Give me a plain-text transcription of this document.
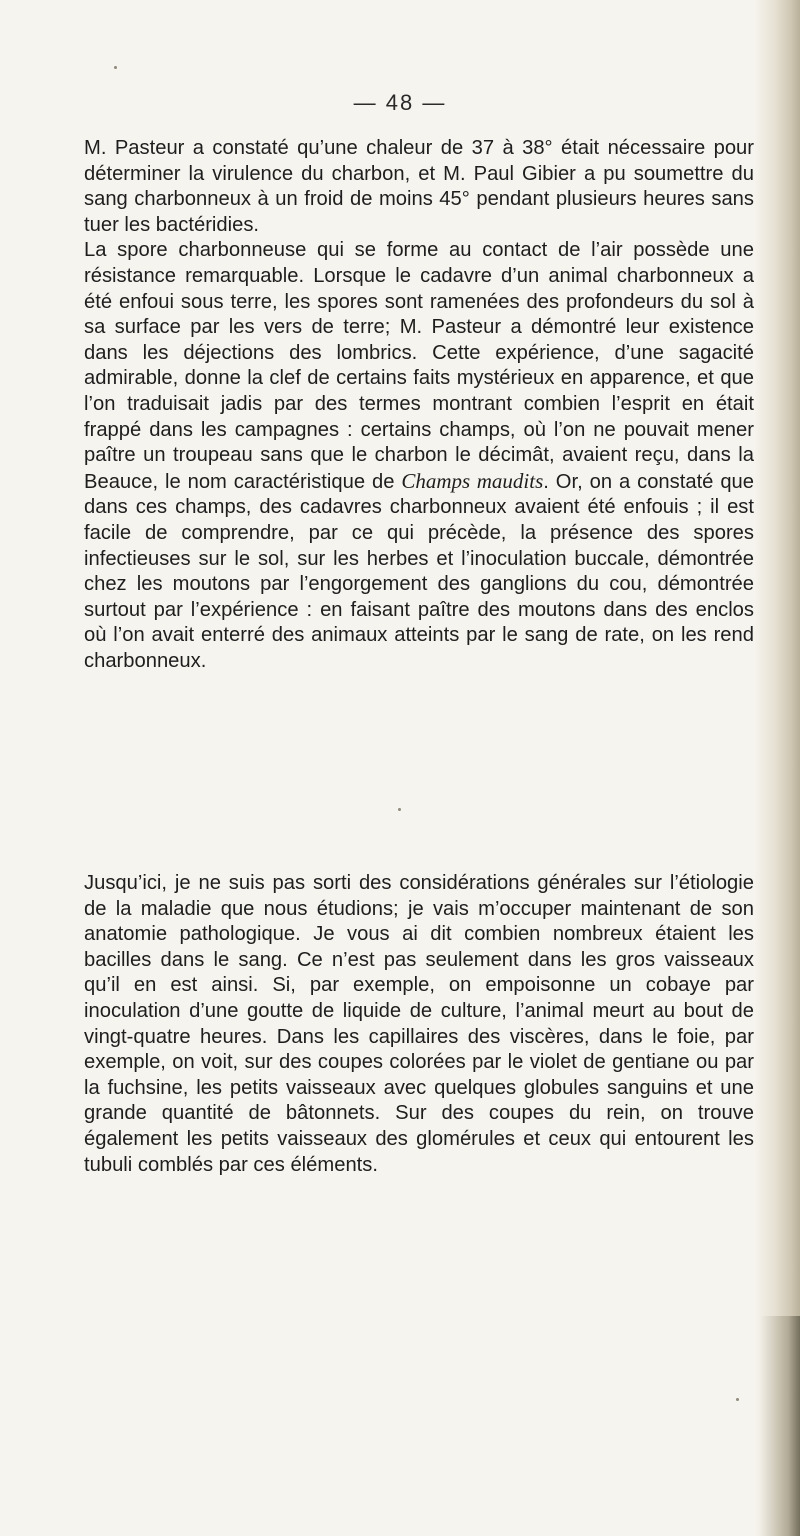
— 48 —

M. Pasteur a constaté qu’une chaleur de 37 à 38° était nécessaire pour déterminer la virulence du charbon, et M. Paul Gibier a pu soumettre du sang charbonneux à un froid de moins 45° pendant plusieurs heures sans tuer les bactéridies.

La spore charbonneuse qui se forme au contact de l’air possède une résistance remarquable. Lorsque le cadavre d’un animal charbonneux a été enfoui sous terre, les spores sont ramenées des profondeurs du sol à sa surface par les vers de terre; M. Pasteur a démontré leur existence dans les déjections des lombrics. Cette expérience, d’une sagacité admirable, donne la clef de certains faits mystérieux en apparence, et que l’on traduisait jadis par des termes montrant combien l’esprit en était frappé dans les campagnes : certains champs, où l’on ne pouvait mener paître un troupeau sans que le charbon le décimât, avaient reçu, dans la Beauce, le nom caractéristique de Champs maudits. Or, on a constaté que dans ces champs, des cadavres charbonneux avaient été enfouis ; il est facile de comprendre, par ce qui précède, la présence des spores infectieuses sur le sol, sur les herbes et l’inoculation buccale, démontrée chez les moutons par l’engorgement des ganglions du cou, démontrée surtout par l’expérience : en faisant paître des moutons dans des enclos où l’on avait enterré des animaux atteints par le sang de rate, on les rend charbonneux.

Jusqu’ici, je ne suis pas sorti des considérations générales sur l’étiologie de la maladie que nous étudions; je vais m’occuper maintenant de son anatomie pathologique. Je vous ai dit combien nombreux étaient les bacilles dans le sang. Ce n’est pas seulement dans les gros vaisseaux qu’il en est ainsi. Si, par exemple, on empoisonne un cobaye par inoculation d’une goutte de liquide de culture, l’animal meurt au bout de vingt-quatre heures. Dans les capillaires des viscères, dans le foie, par exemple, on voit, sur des coupes colorées par le violet de gentiane ou par la fuchsine, les petits vaisseaux avec quelques globules sanguins et une grande quantité de bâtonnets. Sur des coupes du rein, on trouve également les petits vaisseaux des glomérules et ceux qui entourent les tubuli comblés par ces éléments.
